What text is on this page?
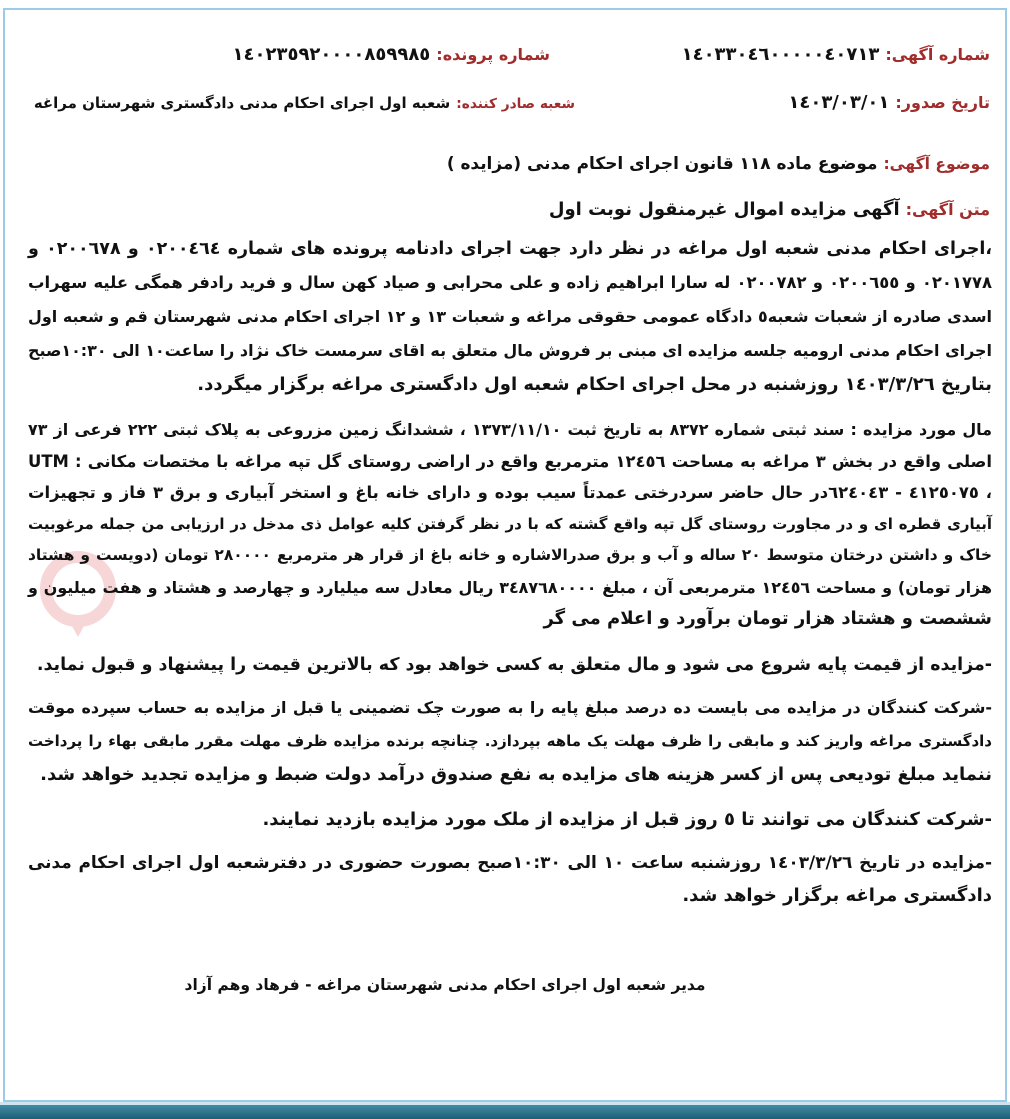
شماره آگهی:١٤٠٣٣٠٤٦٠٠٠٠٠٤٠٧١٣
شماره پرونده:١٤٠٢٣٥٩٢٠٠٠٠٨٥٩٩٨٥
تاریخ صدور:١٤٠٣/٠٣/٠١
شعبه صادر کننده:شعبه اول اجرای احکام مدنی دادگستری شهرستان مراغه
موضوع آگهی:موضوع ماده ١١٨ قانون اجرای احکام مدنی (مزایده )
متن آگهی:آگهی مزایده اموال غیرمنقول نوبت اول
،اجرای احکام مدنی شعبه اول مراغه در نظر دارد جهت اجرای دادنامه پرونده های شماره ٠٢٠٠٤٦٤ و ٠٢٠٠٦٧٨ و
٠٢٠١٧٧٨ و ٠٢٠٠٦٥٥ و ٠٢٠٠٧٨٢ له سارا ابراهیم زاده و علی محرابی و صیاد کهن سال و فرید رادفر همگی علیه سهراب
اسدی صادره از شعبات شعبه٥ دادگاه عمومی حقوقی مراغه و شعبات ١٣ و ١٢ اجرای احکام مدنی شهرستان قم و شعبه اول
اجرای احکام مدنی ارومیه جلسه مزایده ای مبنی بر فروش مال متعلق به اقای سرمست خاک نژاد را ساعت١٠ الی ١٠:٣٠صبح
بتاریخ ١٤٠٣/٣/٢٦ روزشنبه در محل اجرای احکام شعبه اول دادگستری مراغه برگزار میگردد.
مال مورد مزایده : سند ثبتی شماره ٨٣٧٢ به تاریخ ثبت ١٣٧٣/١١/١٠ ، ششدانگ زمین مزروعی به پلاک ثبتی ٢٢٢ فرعی از ٧٣
اصلی واقع در بخش ٣ مراغه به مساحت ١٢٤٥٦ مترمربع واقع در اراضی روستای گل تپه مراغه با مختصات مکانی : UTM
، ٤١٢٥٠٧٥ - ٦٢٤٠٤٣در حال حاضر سردرختی عمدتاً سیب بوده و دارای خانه باغ و استخر آبیاری و برق ٣ فاز و تجهیزات
آبیاری قطره ای و در مجاورت روستای گل تپه واقع گشته که با در نظر گرفتن کلیه عوامل ذی مدخل در ارزیابی من جمله مرغوبیت
خاک و داشتن درختان متوسط ٢٠ ساله و آب و برق صدرالاشاره و خانه باغ از قرار هر مترمربع ٢٨٠٠٠٠ تومان (دویست و هشتاد
هزار تومان) و مساحت ١٢٤٥٦ مترمربعی آن ، مبلغ ٣٤٨٧٦٨٠٠٠٠ ریال معادل سه میلیارد و چهارصد و هشتاد و هفت میلیون و
ششصت و هشتاد هزار تومان برآورد و اعلام می گر
-مزایده از قیمت پایه شروع می شود و مال متعلق به کسی خواهد بود که بالاترین قیمت را پیشنهاد و قبول نماید.
-شرکت کنندگان در مزایده می بایست ده درصد مبلغ پایه را به صورت چک تضمینی یا قبل از مزایده به حساب سپرده موقت
دادگستری مراغه واریز کند و مابقی را ظرف مهلت یک ماهه بپردازد. چنانچه برنده مزایده ظرف مهلت مقرر مابقی بهاء را پرداخت
ننماید مبلغ تودیعی پس از کسر هزینه های مزایده به نفع صندوق درآمد دولت ضبط و مزایده تجدید خواهد شد.
-شرکت کنندگان می توانند تا ٥ روز قبل از مزایده از ملک مورد مزایده بازدید نمایند.
-مزایده در تاریخ ١٤٠٣/٣/٢٦ روزشنبه ساعت ١٠ الی ١٠:٣٠صبح بصورت حضوری در دفترشعبه اول اجرای احکام مدنی
دادگستری مراغه برگزار خواهد شد.
مدیر شعبه اول اجرای احکام مدنی شهرستان مراغه - فرهاد وهم آزاد
